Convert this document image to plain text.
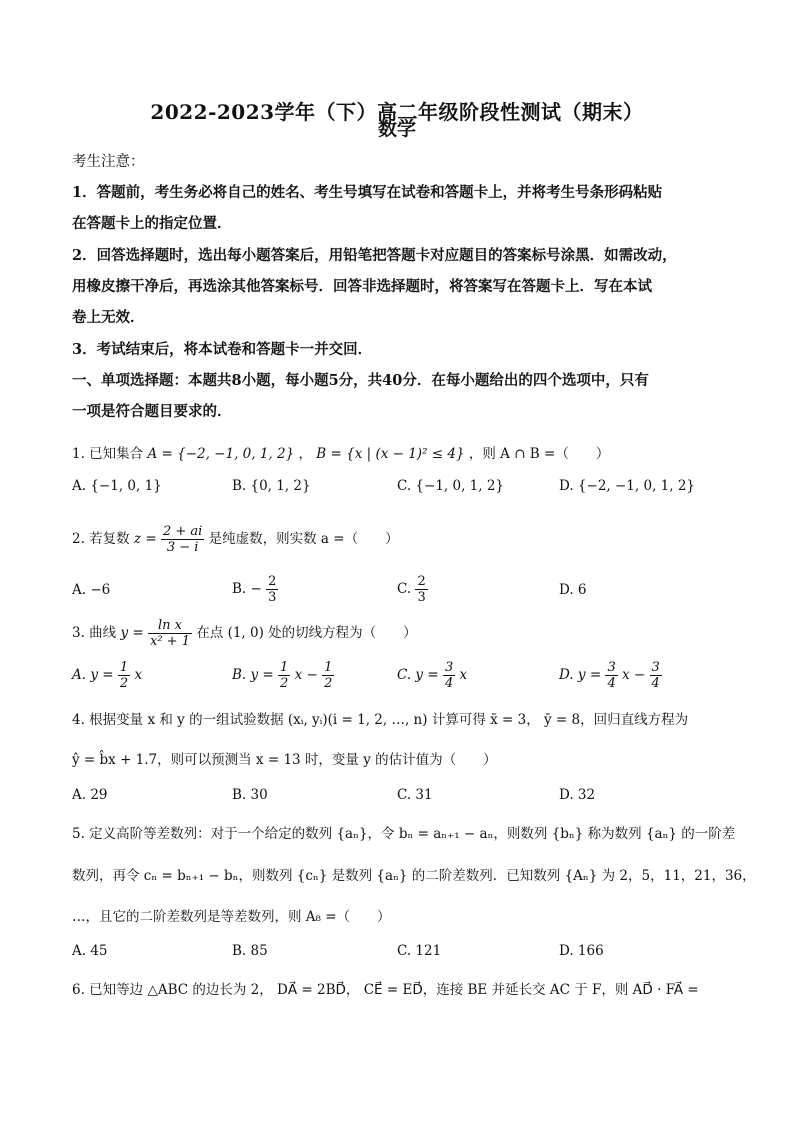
2022-2023学年（下）高二年级阶段性测试（期末）
数学
考生注意：
1．答题前，考生务必将自己的姓名、考生号填写在试卷和答题卡上，并将考生号条形码粘贴
在答题卡上的指定位置．
2．回答选择题时，选出每小题答案后，用铅笔把答题卡对应题目的答案标号涂黑．如需改动，
用橡皮擦干净后，再选涂其他答案标号．回答非选择题时，将答案写在答题卡上．写在本试
卷上无效．
3．考试结束后，将本试卷和答题卡一并交回．
一、单项选择题：本题共8小题，每小题5分，共40分．在每小题给出的四个选项中，只有
一项是符合题目要求的．
1. 已知集合 A = {−2, −1, 0, 1, 2} ， B = {x | (x − 1)² ≤ 4} ，则 A ∩ B =（　　）
A. {−1, 0, 1}	B. {0, 1, 2}	C. {−1, 0, 1, 2}	D. {−2, −1, 0, 1, 2}
2. 若复数 $z = \frac{2 + ai}{3 - i}$ 是纯虚数，则实数 a =（　　）
A. −6	B. − $\frac{2}{3}$	C. $\frac{2}{3}$	D. 6
3. 曲线 $y = \frac{\text{ln x}}{\text{x² + 1}}$ 在点 (1, 0) 处的切线方程为（　　）
A. $y = \frac{1}{2}$ x	B. $y = \frac{1}{2}$ $x - \frac{1}{2}$	C. $y = \frac{3}{4}$ x	D. $y = \frac{3}{4}$ $x - \frac{3}{4}$
4. 根据变量 x 和 y 的一组试验数据 (xᵢ, yᵢ)(i = 1, 2, …, n) 计算可得 x̄ = 3， ȳ = 8，回归直线方程为
ŷ = b̂x + 1.7，则可以预测当 x = 13 时，变量 y 的估计值为（　　）
A. 29	B. 30	C. 31	D. 32
5. 定义高阶等差数列：对于一个给定的数列 {aₙ}，令 bₙ = aₙ₊₁ − aₙ，则数列 {bₙ} 称为数列 {aₙ} 的一阶差
数列，再令 cₙ = bₙ₊₁ − bₙ，则数列 {cₙ} 是数列 {aₙ} 的二阶差数列．已知数列 {Aₙ} 为 2，5，11，21，36，
…，且它的二阶差数列是等差数列，则 A₈ =（　　）
A. 45	B. 85	C. 121	D. 166
6. 已知等边 △ABC 的边长为 2， DA⃗ = 2BD⃗， CE⃗ = ED⃗，连接 BE 并延长交 AC 于 F，则 AD⃗ · FA⃗ =
